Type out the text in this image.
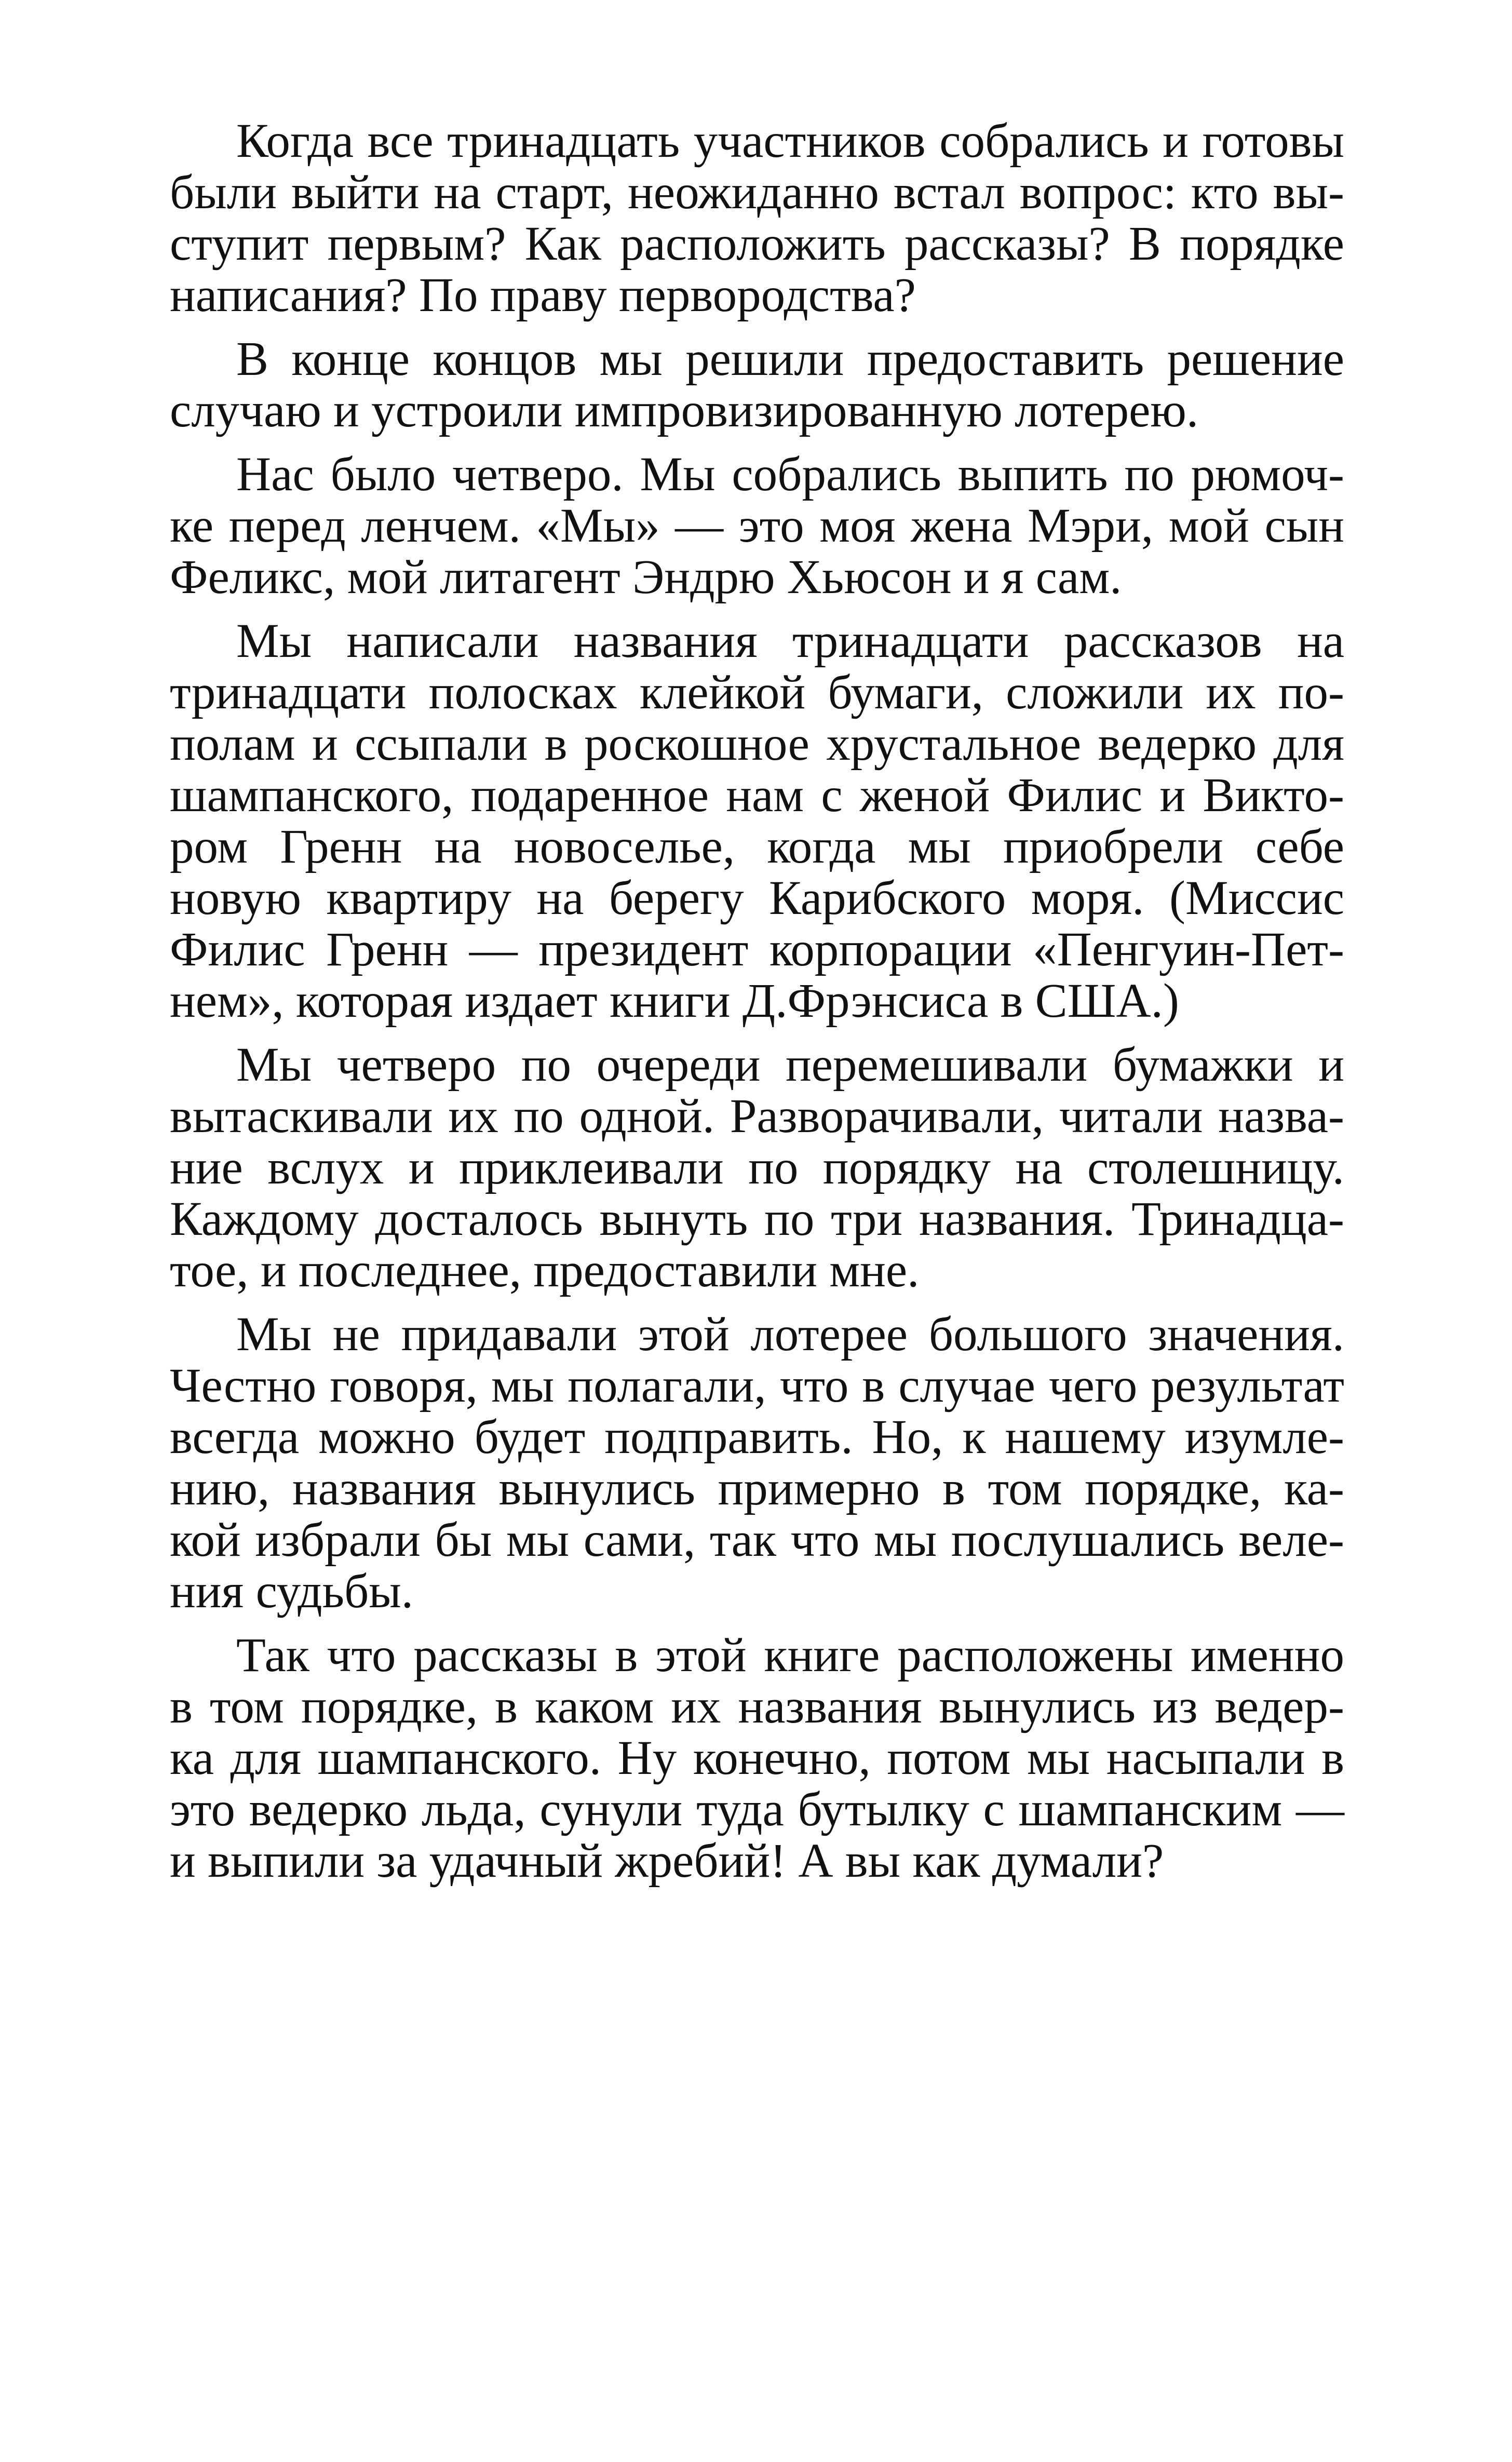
Когда все тринадцать участников собрались и готовы
были выйти на старт, неожиданно встал вопрос: кто вы-
ступит первым? Как расположить рассказы? В порядке
написания? По праву первородства?
В конце концов мы решили предоставить решение
случаю и устроили импровизированную лотерею.
Нас было четверо. Мы собрались выпить по рюмоч-
ке перед ленчем. «Мы» — это моя жена Мэри, мой сын
Феликс, мой литагент Эндрю Хьюсон и я сам.
Мы написали названия тринадцати рассказов на
тринадцати полосках клейкой бумаги, сложили их по-
полам и ссыпали в роскошное хрустальное ведерко для
шампанского, подаренное нам с женой Филис и Викто-
ром Гренн на новоселье, когда мы приобрели себе
новую квартиру на берегу Карибского моря. (Миссис
Филис Гренн — президент корпорации «Пенгуин-Пет-
нем», которая издает книги Д.Фрэнсиса в США.)
Мы четверо по очереди перемешивали бумажки и
вытаскивали их по одной. Разворачивали, читали назва-
ние вслух и приклеивали по порядку на столешницу.
Каждому досталось вынуть по три названия. Тринадца-
тое, и последнее, предоставили мне.
Мы не придавали этой лотерее большого значения.
Честно говоря, мы полагали, что в случае чего результат
всегда можно будет подправить. Но, к нашему изумле-
нию, названия вынулись примерно в том порядке, ка-
кой избрали бы мы сами, так что мы послушались веле-
ния судьбы.
Так что рассказы в этой книге расположены именно
в том порядке, в каком их названия вынулись из ведер-
ка для шампанского. Ну конечно, потом мы насыпали в
это ведерко льда, сунули туда бутылку с шампанским —
и выпили за удачный жребий! А вы как думали?
